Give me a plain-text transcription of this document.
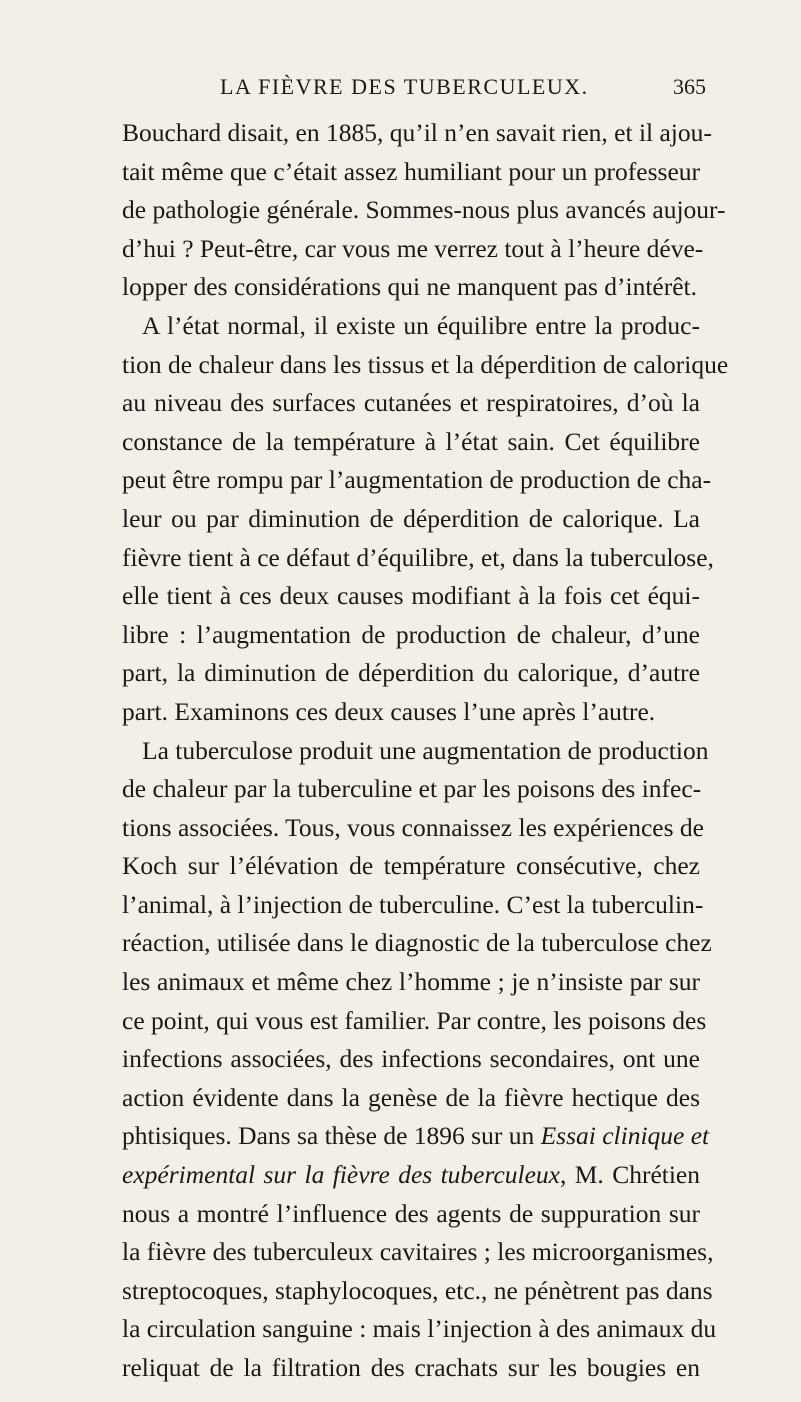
LA FIÈVRE DES TUBERCULEUX.	365
Bouchard disait, en 1885, qu’il n’en savait rien, et il ajou-
tait même que c’était assez humiliant pour un professeur
de pathologie générale. Sommes-nous plus avancés aujour-
d’hui ? Peut-être, car vous me verrez tout à l’heure déve-
lopper des considérations qui ne manquent pas d’intérêt.
A l’état normal, il existe un équilibre entre la produc-
tion de chaleur dans les tissus et la déperdition de calorique
au niveau des surfaces cutanées et respiratoires, d’où la
constance de la température à l’état sain. Cet équilibre
peut être rompu par l’augmentation de production de cha-
leur ou par diminution de déperdition de calorique. La
fièvre tient à ce défaut d’équilibre, et, dans la tuberculose,
elle tient à ces deux causes modifiant à la fois cet équi-
libre : l’augmentation de production de chaleur, d’une
part, la diminution de déperdition du calorique, d’autre
part. Examinons ces deux causes l’une après l’autre.
La tuberculose produit une augmentation de production
de chaleur par la tuberculine et par les poisons des infec-
tions associées. Tous, vous connaissez les expériences de
Koch sur l’élévation de température consécutive, chez
l’animal, à l’injection de tuberculine. C’est la tuberculin-
réaction, utilisée dans le diagnostic de la tuberculose chez
les animaux et même chez l’homme ; je n’insiste par sur
ce point, qui vous est familier. Par contre, les poisons des
infections associées, des infections secondaires, ont une
action évidente dans la genèse de la fièvre hectique des
phtisiques. Dans sa thèse de 1896 sur un Essai clinique et
expérimental sur la fièvre des tuberculeux, M. Chrétien
nous a montré l’influence des agents de suppuration sur
la fièvre des tuberculeux cavitaires ; les microorganismes,
streptocoques, staphylocoques, etc., ne pénètrent pas dans
la circulation sanguine : mais l’injection à des animaux du
reliquat de la filtration des crachats sur les bougies en
